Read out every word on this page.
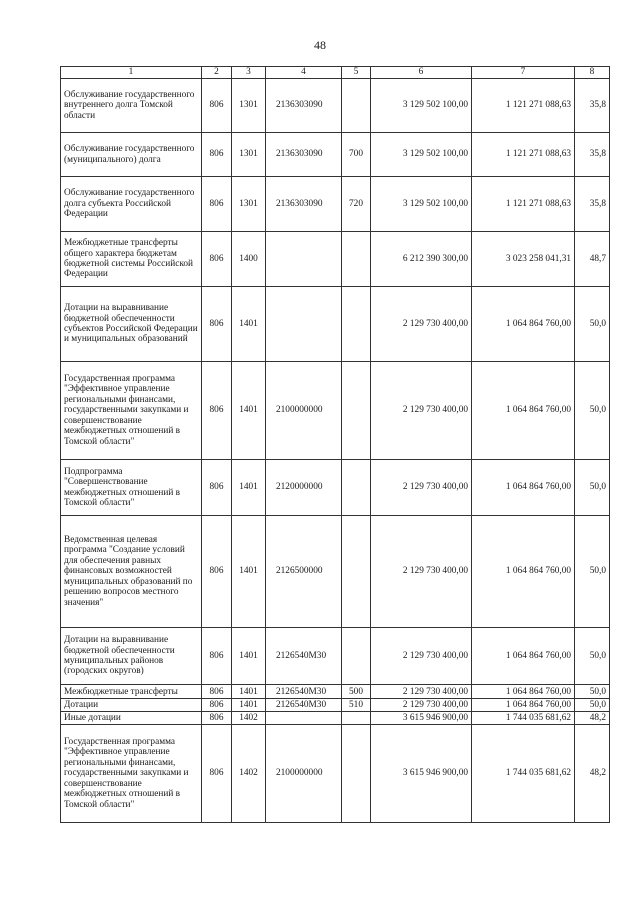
48
1	2	3	4	5	6	7	8
Обслуживание государственного внутреннего долга Томской области	806	1301	2136303090		3 129 502 100,00	1 121 271 088,63	35,8
Обслуживание государственного (муниципального) долга	806	1301	2136303090	700	3 129 502 100,00	1 121 271 088,63	35,8
Обслуживание государственного долга субъекта Российской Федерации	806	1301	2136303090	720	3 129 502 100,00	1 121 271 088,63	35,8
Межбюджетные трансферты общего характера бюджетам бюджетной системы Российской Федерации	806	1400			6 212 390 300,00	3 023 258 041,31	48,7
Дотации на выравнивание бюджетной обеспеченности субъектов Российской Федерации и муниципальных образований	806	1401			2 129 730 400,00	1 064 864 760,00	50,0
Государственная программа "Эффективное управление региональными финансами, государственными закупками и совершенствование межбюджетных отношений в Томской области"	806	1401	2100000000		2 129 730 400,00	1 064 864 760,00	50,0
Подпрограмма "Совершенствование межбюджетных отношений в Томской области"	806	1401	2120000000		2 129 730 400,00	1 064 864 760,00	50,0
Ведомственная целевая программа "Создание условий для обеспечения равных финансовых возможностей муниципальных образований по решению вопросов местного значения"	806	1401	2126500000		2 129 730 400,00	1 064 864 760,00	50,0
Дотации на выравнивание бюджетной обеспеченности муниципальных районов (городских округов)	806	1401	2126540М30		2 129 730 400,00	1 064 864 760,00	50,0
Межбюджетные трансферты	806	1401	2126540М30	500	2 129 730 400,00	1 064 864 760,00	50,0
Дотации	806	1401	2126540М30	510	2 129 730 400,00	1 064 864 760,00	50,0
Иные дотации	806	1402			3 615 946 900,00	1 744 035 681,62	48,2
Государственная программа "Эффективное управление региональными финансами, государственными закупками и совершенствование межбюджетных отношений в Томской области"	806	1402	2100000000		3 615 946 900,00	1 744 035 681,62	48,2
